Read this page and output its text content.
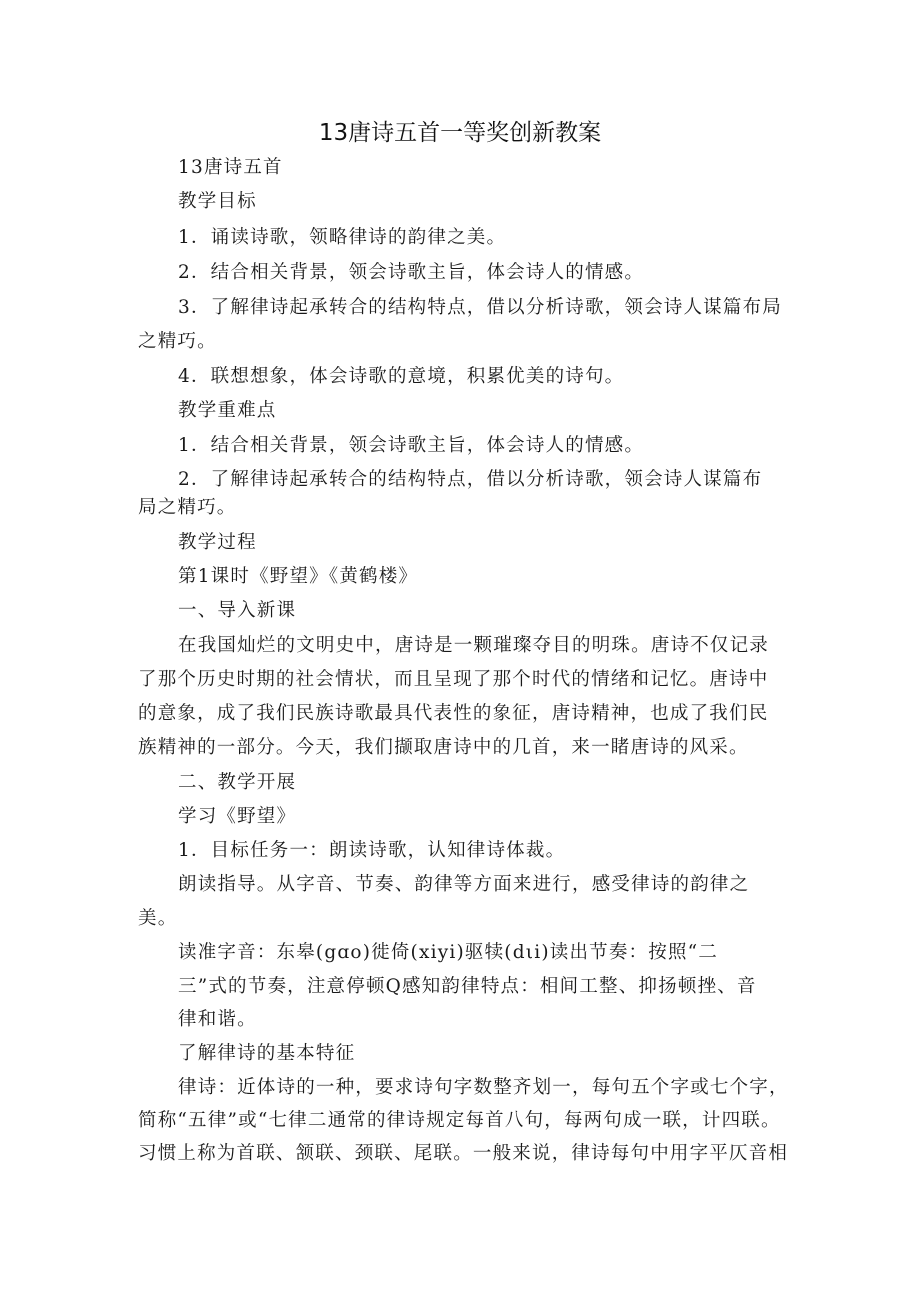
13唐诗五首一等奖创新教案
13唐诗五首
教学目标
1．诵读诗歌，领略律诗的韵律之美。
2．结合相关背景，领会诗歌主旨，体会诗人的情感。
3．了解律诗起承转合的结构特点，借以分析诗歌，领会诗人谋篇布局
之精巧。
4．联想想象，体会诗歌的意境，积累优美的诗句。
教学重难点
1．结合相关背景，领会诗歌主旨，体会诗人的情感。
2．了解律诗起承转合的结构特点，借以分析诗歌，领会诗人谋篇布
局之精巧。
教学过程
第1课时《野望》《黄鹤楼》
一、导入新课
在我国灿烂的文明史中，唐诗是一颗璀璨夺目的明珠。唐诗不仅记录
了那个历史时期的社会情状，而且呈现了那个时代的情绪和记忆。唐诗中
的意象，成了我们民族诗歌最具代表性的象征，唐诗精神，也成了我们民
族精神的一部分。今天，我们撷取唐诗中的几首，来一睹唐诗的风采。
二、教学开展
学习《野望》
1．目标任务一：朗读诗歌，认知律诗体裁。
朗读指导。从字音、节奏、韵律等方面来进行，感受律诗的韵律之
美。
读准字音：东皋(gɑo)徙倚(xiyi)驱犊(dιi)读出节奏：按照“二
三”式的节奏，注意停顿Q感知韵律特点：相间工整、抑扬顿挫、音
律和谐。
了解律诗的基本特征
律诗：近体诗的一种，要求诗句字数整齐划一，每句五个字或七个字，
简称“五律”或“七律二通常的律诗规定每首八句，每两句成一联，计四联。
习惯上称为首联、颔联、颈联、尾联。一般来说，律诗每句中用字平仄音相
